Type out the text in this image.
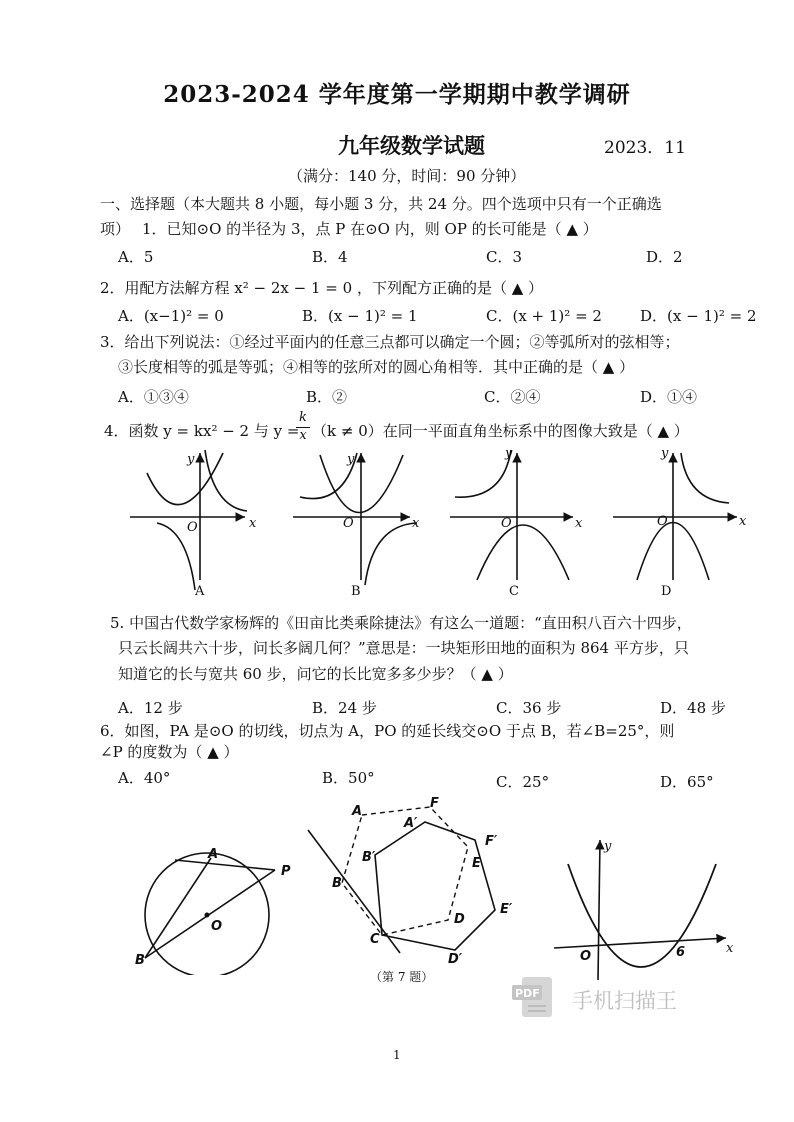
2023-2024 学年度第一学期期中教学调研
九年级数学试题	2023．11
（满分：140 分，时间：90 分钟）
一、选择题（本大题共 8 小题，每小题 3 分，共 24 分。四个选项中只有一个正确选
项） 1．已知⊙O 的半径为 3，点 P 在⊙O 内，则 OP 的长可能是（ ▲ ）
A．5	B．4	C．3	D．2
2．用配方法解方程 x² − 2x − 1 = 0 ，下列配方正确的是（ ▲ ）
A．(x−1)² = 0	B．(x − 1)² = 1	C．(x + 1)² = 2	D．(x − 1)² = 2
3．给出下列说法：①经过平面内的任意三点都可以确定一个圆；②等弧所对的弦相等；
③长度相等的弧是等弧；④相等的弦所对的圆心角相等．其中正确的是（ ▲ ）
A．①③④	B．②	C．②④	D．①④
4．函数 y = kx² − 2 与 y =
k
x （k ≠ 0）在同一平面直角坐标系中的图像大致是（ ▲ ）
y
x
O
y
x
O
y
x
O
y
x
O
A	B	C	D
5. 中国古代数学家杨辉的《田亩比类乘除捷法》有这么一道题：“直田积八百六十四步，
只云长阔共六十步，问长多阔几何？”意思是：一块矩形田地的面积为 864 平方步，只
知道它的长与宽共 60 步，问它的长比宽多多少步？（ ▲ ）
A．12 步	B．24 步	C．36 步	D．48 步
6．如图，PA 是⊙O 的切线，切点为 A，PO 的延长线交⊙O 于点 B，若∠B=25°，则
∠P 的度数为（ ▲ ）
A．40°	B．50°	C．25°	D．65°
A
P
O
B
A
F
A′
F′
B′	E
B
E′
D
C
D′
（第 7 题）
y
x
O	6
PDF 手机扫描王
1
